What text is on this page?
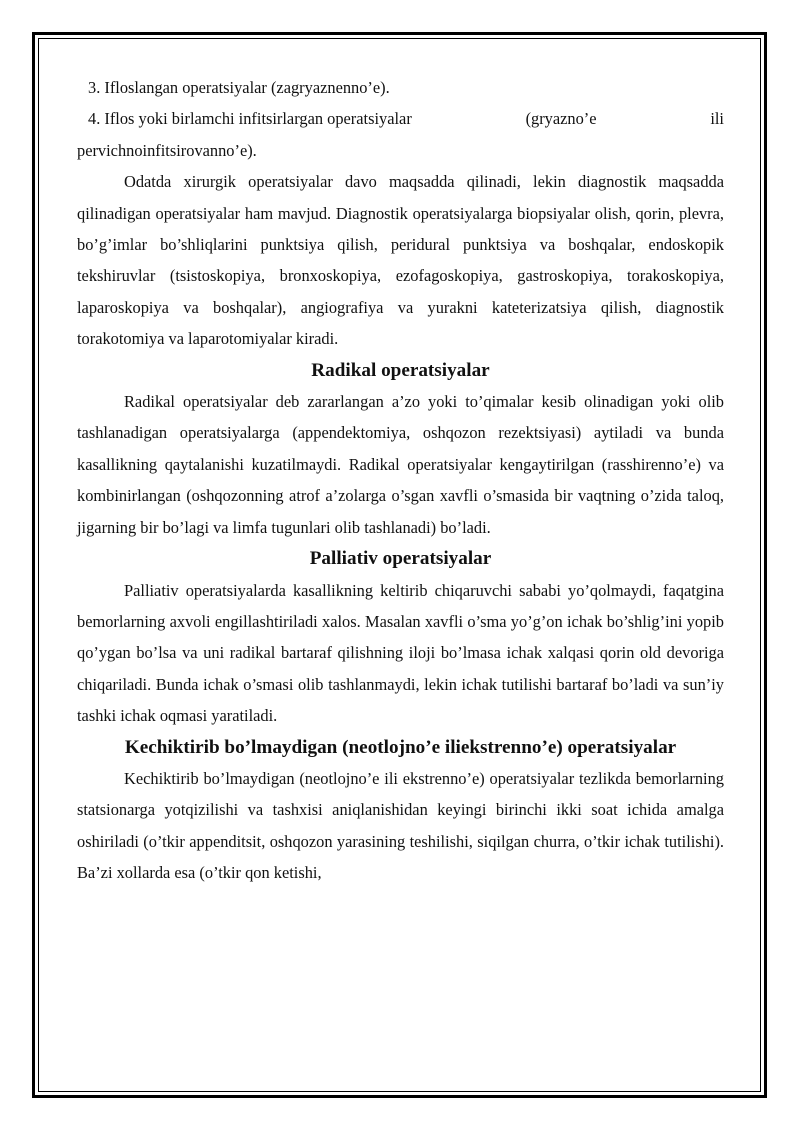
3. Ifloslangan operatsiyalar (zagryaznenno’e).

4. Iflos yoki birlamchi infitsirlargan operatsiyalar	(gryazno’e	ili

pervichnoinfitsirovanno’e).

Odatda xirurgik operatsiyalar davo maqsadda qilinadi, lekin diagnostik maqsadda qilinadigan operatsiyalar ham mavjud. Diagnostik operatsiyalarga biopsiyalar olish, qorin, plevra, bo’g’imlar bo’shliqlarini punktsiya qilish, peridural punktsiya va boshqalar, endoskopik tekshiruvlar (tsistoskopiya, bronxoskopiya, ezofagoskopiya, gastroskopiya, torakoskopiya, laparoskopiya va boshqalar), angiografiya va yurakni kateterizatsiya qilish, diagnostik torakotomiya va laparotomiyalar kiradi.

Radikal operatsiyalar

Radikal operatsiyalar deb zararlangan a’zo yoki to’qimalar kesib olinadigan yoki olib tashlanadigan operatsiyalarga (appendektomiya, oshqozon rezektsiyasi) aytiladi va bunda kasallikning qaytalanishi kuzatilmaydi. Radikal operatsiyalar kengaytirilgan (rasshirenno’e) va kombinirlangan (oshqozonning atrof a’zolarga o’sgan xavfli o’smasida bir vaqtning o’zida taloq, jigarning bir bo’lagi va limfa tugunlari olib tashlanadi) bo’ladi.

Palliativ operatsiyalar

Palliativ operatsiyalarda kasallikning keltirib chiqaruvchi sababi yo’qolmaydi, faqatgina bemorlarning axvoli engillashtiriladi xalos. Masalan xavfli o’sma yo’g’on ichak bo’shlig’ini yopib qo’ygan bo’lsa va uni radikal bartaraf qilishning iloji bo’lmasa ichak xalqasi qorin old devoriga chiqariladi. Bunda ichak o’smasi olib tashlanmaydi, lekin ichak tutilishi bartaraf bo’ladi va sun’iy tashki ichak oqmasi yaratiladi.

Kechiktirib bo’lmaydigan (neotlojno’e iliekstrenno’e) operatsiyalar

Kechiktirib bo’lmaydigan (neotlojno’e ili ekstrenno’e) operatsiyalar tezlikda bemorlarning statsionarga yotqizilishi va tashxisi aniqlanishidan keyingi birinchi ikki soat ichida amalga oshiriladi (o’tkir appenditsit, oshqozon yarasining teshilishi, siqilgan churra, o’tkir ichak tutilishi). Ba’zi xollarda esa (o’tkir qon ketishi,
